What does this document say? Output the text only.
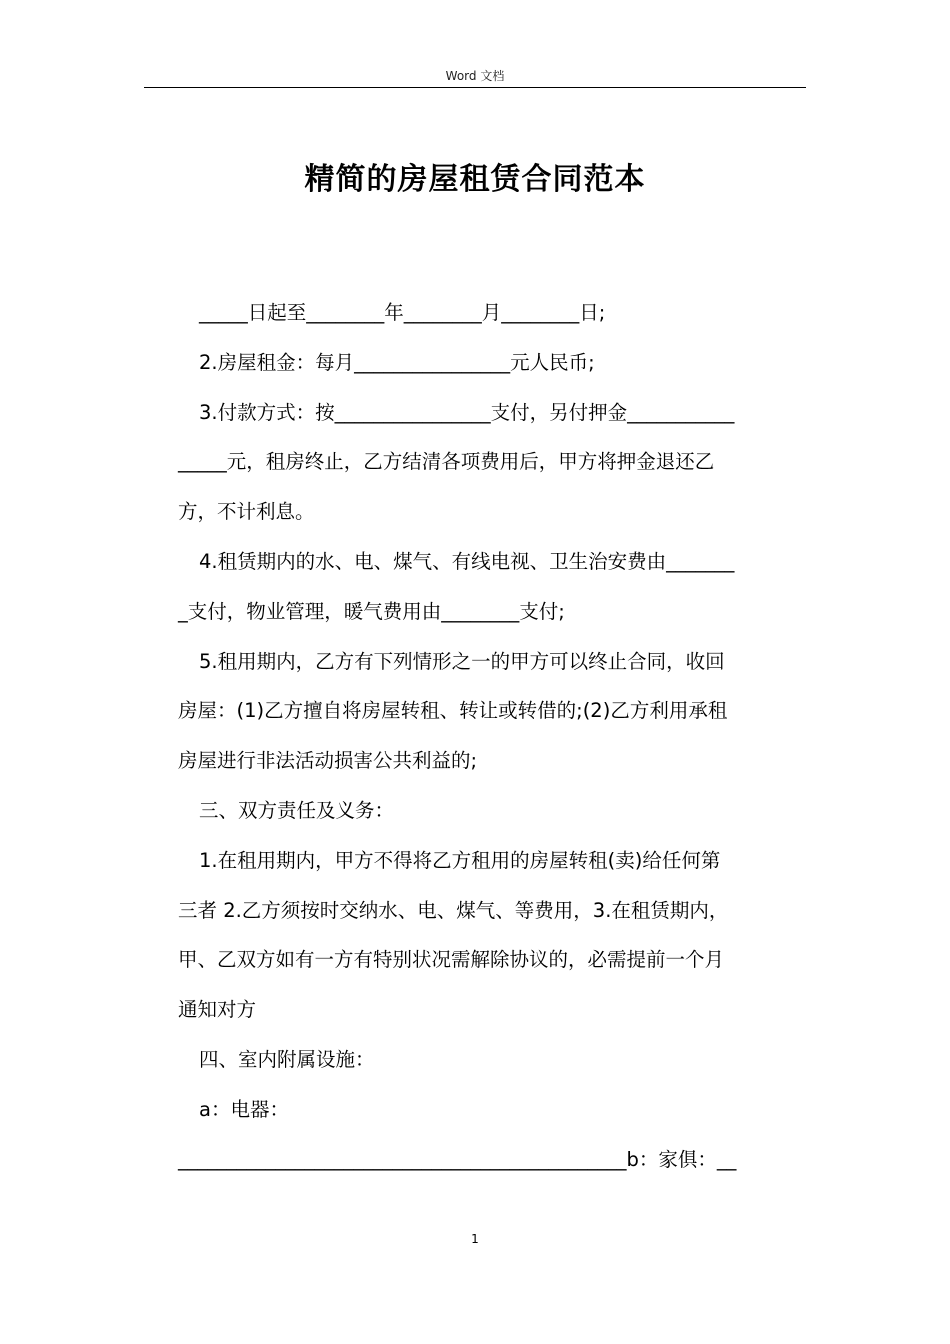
Word 文档
精简的房屋租赁合同范本

_____日起至________年________月________日;

2.房屋租金：每月________________元人民币;

3.付款方式：按________________支付，另付押金___________

_____元，租房终止，乙方结清各项费用后，甲方将押金退还乙

方，不计利息。

4.租赁期内的水、电、煤气、有线电视、卫生治安费由_______

_支付，物业管理，暖气费用由________支付;

5.租用期内，乙方有下列情形之一的甲方可以终止合同，收回

房屋：(1)乙方擅自将房屋转租、转让或转借的;(2)乙方利用承租

房屋进行非法活动损害公共利益的;

三、双方责任及义务：

1.在租用期内，甲方不得将乙方租用的房屋转租(卖)给任何第

三者 2.乙方须按时交纳水、电、煤气、等费用，3.在租赁期内，

甲、乙双方如有一方有特别状况需解除协议的，必需提前一个月

通知对方

四、室内附属设施：

a：电器：

______________________________________________b：家俱：__

1
